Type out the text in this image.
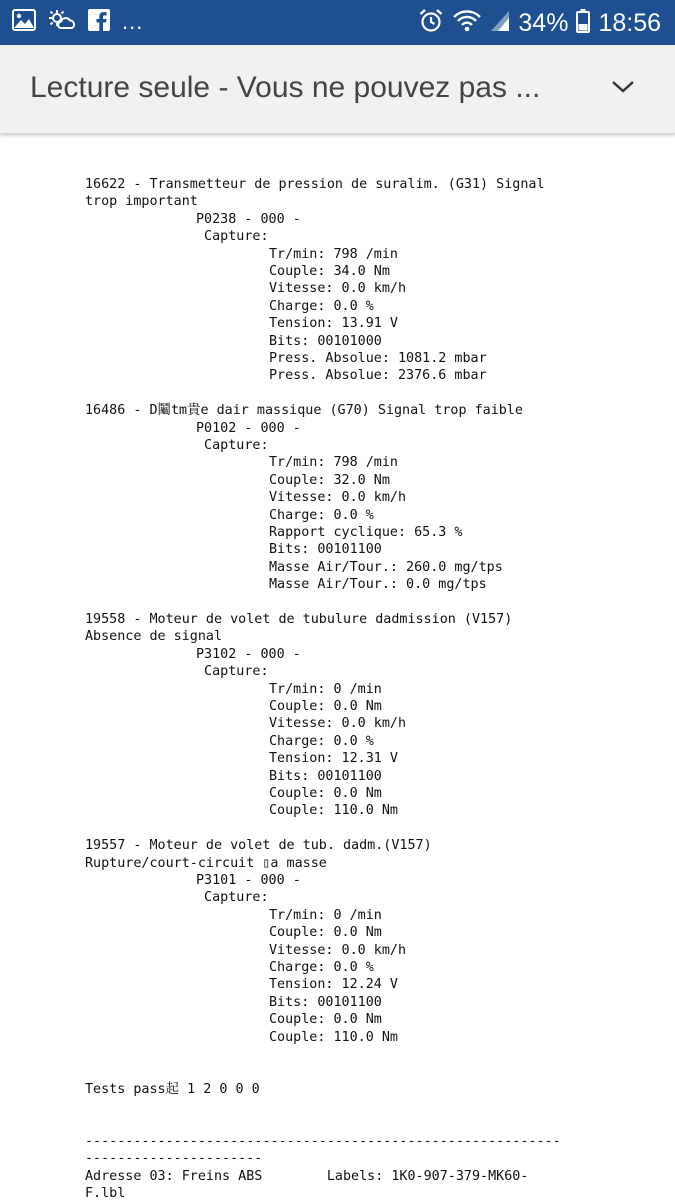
...	34% 18:56
Lecture seule - Vous ne pouvez pas ...
16622 - Transmetteur de pression de suralim. (G31) Signal
trop important
P0238 - 000 -
Capture:
Tr/min: 798 /min
Couple: 34.0 Nm
Vitesse: 0.0 km/h
Charge: 0.0 %
Tension: 13.91 V
Bits: 00101000
Press. Absolue: 1081.2 mbar
Press. Absolue: 2376.6 mbar
16486 - D鬮tm貴e dair massique (G70) Signal trop faible
P0102 - 000 -
Capture:
Tr/min: 798 /min
Couple: 32.0 Nm
Vitesse: 0.0 km/h
Charge: 0.0 %
Rapport cyclique: 65.3 %
Bits: 00101100
Masse Air/Tour.: 260.0 mg/tps
Masse Air/Tour.: 0.0 mg/tps
19558 - Moteur de volet de tubulure dadmission (V157)
Absence de signal
P3102 - 000 -
Capture:
Tr/min: 0 /min
Couple: 0.0 Nm
Vitesse: 0.0 km/h
Charge: 0.0 %
Tension: 12.31 V
Bits: 00101100
Couple: 0.0 Nm
Couple: 110.0 Nm
19557 - Moteur de volet de tub. dadm.(V157)
Rupture/court-circuit ▯a masse
P3101 - 000 -
Capture:
Tr/min: 0 /min
Couple: 0.0 Nm
Vitesse: 0.0 km/h
Charge: 0.0 %
Tension: 12.24 V
Bits: 00101100
Couple: 0.0 Nm
Couple: 110.0 Nm
Tests pass起 1 2 0 0 0
-----------------------------------------------------------
----------------------
Adresse 03: Freins ABS        Labels: 1K0-907-379-MK60-
F.lbl
